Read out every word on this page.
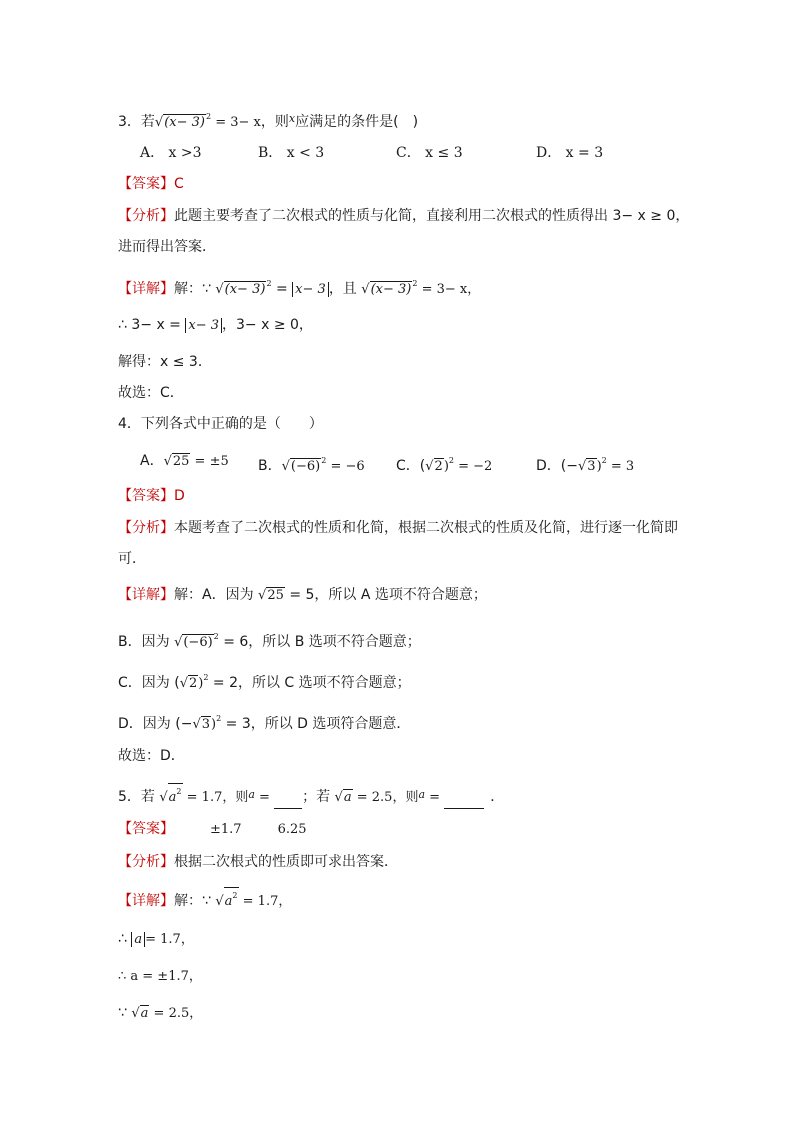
3．若$√(x- 3)^2 = 3- x$，则$^x$应满足的条件是(　)
A． x >3	B． x < 3	C． x ≤ 3	D． x = 3
【答案】C
【分析】此题主要考查了二次根式的性质与化简，直接利用二次根式的性质得出 3− x ≥ 0，
进而得出答案．
【详解】解：∵ $√(x- 3)^2 = x- 3$ ，且 $√(x- 3)^2 = 3- x$，
∴ 3− x = x− 3 ，3− x ≥ 0，
解得：x ≤ 3．
故选：C．
4．下列各式中正确的是（　　）
A．√25 = ±5 B．$√(-6)^2 = -6$ C．$(√2)^2 = -2$	D．$(-√3)^2 = 3$
【答案】D
【分析】本题考查了二次根式的性质和化简，根据二次根式的性质及化简，进行逐一化简即
可．
【详解】解：A．因为 √25 = 5，所以 A 选项不符合题意；
B．因为 $√(-6)^2 = 6$，所以 B 选项不符合题意；
C．因为 $(√2)^2 = 2$，所以 C 选项不符合题意；
D．因为 $(-√3)^2 = 3$，所以 D 选项符合题意．
故选：D．
5．若 $√a^2 = 1.7$，则$^a$ =  ；若 √a = 2.5，则$^a$ =	．
【答案】	±1.7	6.25
【分析】根据二次根式的性质即可求出答案．
【详解】解：∵ $√a^2 = 1.7$，
∴ a = 1.7，
∴ a = ±1.7，
∵ √a = 2.5，
